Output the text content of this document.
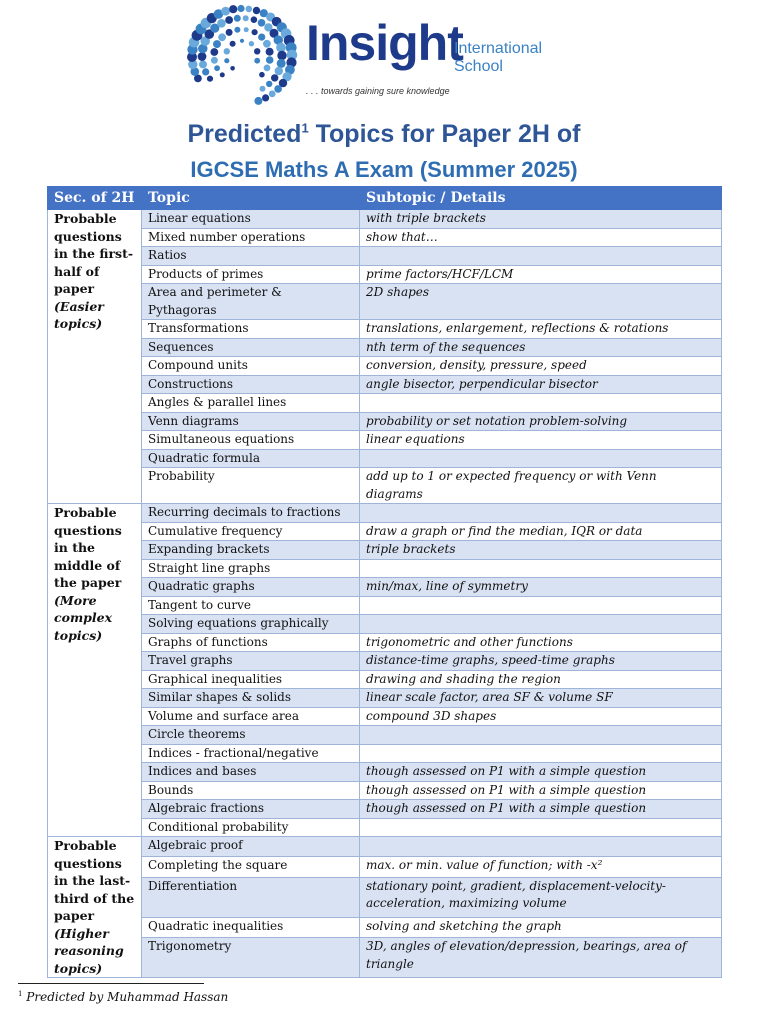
Insight
International School
. . . towards gaining sure knowledge
Predicted$^1$ Topics for Paper 2H of
IGCSE Maths A Exam (Summer 2025)
Sec. of 2H	Topic	Subtopic / Details
Probable questions in the first-half of paper (Easier topics)	Linear equations	with triple brackets
	Mixed number operations	show that…
	Ratios	
	Products of primes	prime factors/HCF/LCM
	Area and perimeter & Pythagoras	2D shapes
	Transformations	translations, enlargement, reflections & rotations
	Sequences	nth term of the sequences
	Compound units	conversion, density, pressure, speed
	Constructions	angle bisector, perpendicular bisector
	Angles & parallel lines	
	Venn diagrams	probability or set notation problem-solving
	Simultaneous equations	linear equations
	Quadratic formula	
	Probability	add up to 1 or expected frequency or with Venn diagrams
Probable questions in the middle of the paper (More complex topics)	Recurring decimals to fractions	
	Cumulative frequency	draw a graph or find the median, IQR or data
	Expanding brackets	triple brackets
	Straight line graphs	
	Quadratic graphs	min/max, line of symmetry
	Tangent to curve	
	Solving equations graphically	
	Graphs of functions	trigonometric and other functions
	Travel graphs	distance-time graphs, speed-time graphs
	Graphical inequalities	drawing and shading the region
	Similar shapes & solids	linear scale factor, area SF & volume SF
	Volume and surface area	compound 3D shapes
	Circle theorems	
	Indices - fractional/negative	
	Indices and bases	though assessed on P1 with a simple question
	Bounds	though assessed on P1 with a simple question
	Algebraic fractions	though assessed on P1 with a simple question
	Conditional probability	
Probable questions in the last-third of the paper (Higher reasoning topics)	Algebraic proof	
	Completing the square	max. or min. value of function; with -x²
	Differentiation	stationary point, gradient, displacement-velocity-acceleration, maximizing volume
	Quadratic inequalities	solving and sketching the graph
	Trigonometry	3D, angles of elevation/depression, bearings, area of triangle
$^1$ Predicted by Muhammad Hassan
